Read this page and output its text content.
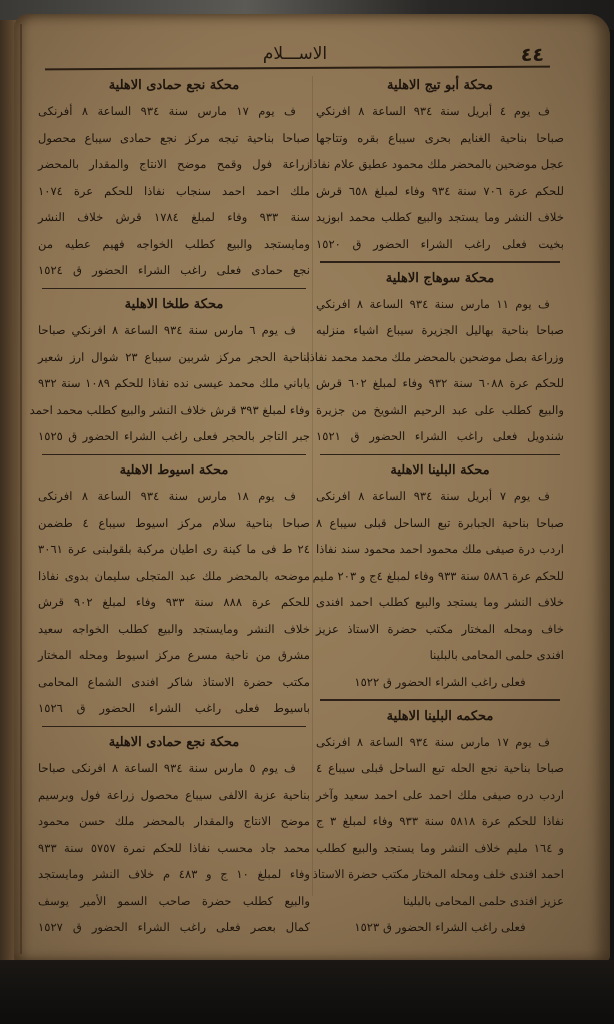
٤٤
الاســـلام
محكة أبو تيج الاهلية
ف يوم ٤ أبريل سنة ٩٣٤ الساعة ٨ افرنكي
صباحا بناحية الغنايم بحرى سيباع بقره وتتاجها
عجل موضحين بالمحضر ملك محمود عطيق علام نفاذا
للحكم عرة ٧٠٦ سنة ٩٣٤ وفاء لمبلغ ٦٥٨ قرش
خلاف النشر وما يستجد والبيع كطلب محمد ابوزيد
بخيت فعلى راغب الشراء الحضور ق ١٥٢٠
محكة سوهاج الاهلية
ف يوم ١١ مارس سنة ٩٣٤ الساعة ٨ افرنكي
صباحا بناحية بهاليل الجزيرة سيباع اشياء منزليه
وزراعة بصل موضحين بالمحضر ملك محمد محمد نفاذا
للحكم عرة ٦٠٨٨ سنة ٩٣٢ وفاء لمبلغ ٦٠٢ قرش
والبيع كطلب على عبد الرحيم الشويخ من جزيرة
شندويل فعلى راغب الشراء الحضور ق ١٥٢١
محكة البلينا الاهلية
ف يوم ٧ أبريل سنة ٩٣٤ الساعة ٨ افرنكى
صباحا بناحية الجبابرة تبع الساحل قبلى سيباع ٨
اردب درة صيفى ملك محمود احمد محمود سند نفاذا
للحكم عرة ٥٨٨٦ سنة ٩٣٣ وفاء لمبلغ ٤ج و ٢٠٣ مليم
خلاف النشر وما يستجد والبيع كطلب احمد افندى
خاف ومحله المختار مكتب حضرة الاستاذ عزيز
افندى حلمى المحامى بالبلينا
فعلى راغب الشراء الحضور ق ١٥٢٢
محكمه البلينا الاهلية
ف يوم ١٧ مارس سنة ٩٣٤ الساعة ٨ افرنكى
صباحا بناحية نجع الحله تبع الساحل قبلى سيباع ٤
اردب دره صيفى ملك احمد على احمد سعيد وآخر
نفاذا للحكم عرة ٥٨١٨ سنة ٩٣٣ وفاء لمبلغ ٣ ج
و ١٦٤ مليم خلاف النشر وما يستجد والبيع كطلب
احمد افندى خلف ومحله المختار مكتب حضرة الاستاذ
عزيز افندى حلمى المحامى بالبلينا
فعلى راغب الشراء الحضور ق ١٥٢٣
محكة نجع حمادى الاهلية
ف يوم ١٧ مارس سنة ٩٣٤ الساعة ٨ أفرنكى
صباحا بناحية تيجه مركز نجع حمادى سيباع محصول
زراعة فول وقمح موضح الانتاج والمقدار بالمحضر
ملك احمد احمد سنجاب نفاذا للحكم عرة ١٠٧٤
سنة ٩٣٣ وفاء لمبلغ ١٧٨٤ قرش خلاف النشر
ومايستجد والبيع كطلب الخواجه فهيم عطيه من
نجع حمادى فعلى راغب الشراء الحضور ق ١٥٢٤
محكة طلخا الاهلية
ف يوم ٦ مارس سنة ٩٣٤ الساعة ٨ افرنكي صباحا
بناحية الحجر مركز شربين سيباع ٢٣ شوال ارز شعير
ياباني ملك محمد عيسى نده نفاذا للحكم ١٠٨٩ سنة ٩٣٢
وفاء لمبلغ ٣٩٣ قرش خلاف النشر والبيع كطلب محمد احمد
جبر التاجر بالحجر فعلى راغب الشراء الحضور ق ١٥٢٥
محكة اسيوط الاهلية
ف يوم ١٨ مارس سنة ٩٣٤ الساعة ٨ افرنكى
صباحا بناحية سلام مركز اسيوط سيباع ٤ طضمن
٢٤ ط فى ما كينة رى اطيان مركبة بلقولبنى عرة ٣٠٦١
موضحه بالمحضر ملك عبد المتجلى سليمان بدوى نفاذا
للحكم عرة ٨٨٨ سنة ٩٣٣ وفاء لمبلغ ٩٠٢ قرش
خلاف النشر ومايستجد والبيع كطلب الخواجه سعيد
مشرق من ناحية مسرع مركز اسيوط ومحله المختار
مكتب حضرة الاستاذ شاكر افندى الشماع المحامى
باسيوط فعلى راغب الشراء الحضور ق ١٥٢٦
محكة نجع حمادى الاهلية
ف يوم ٥ مارس سنة ٩٣٤ الساعة ٨ افرنكى صباحا
بناحية عزبة الالفى سيباع محصول زراعة فول وبرسيم
موضح الانتاج والمقدار بالمحضر ملك حسن محمود
محمد جاد محسب نفاذا للحكم نمرة ٥٧٥٧ سنة ٩٣٣
وفاء لمبلغ ١٠ ج و ٤٨٣ م خلاف النشر ومايستجد
والبيع كطلب حضرة صاحب السمو الأمير يوسف
كمال بعصر فعلى راغب الشراء الحضور ق ١٥٢٧
